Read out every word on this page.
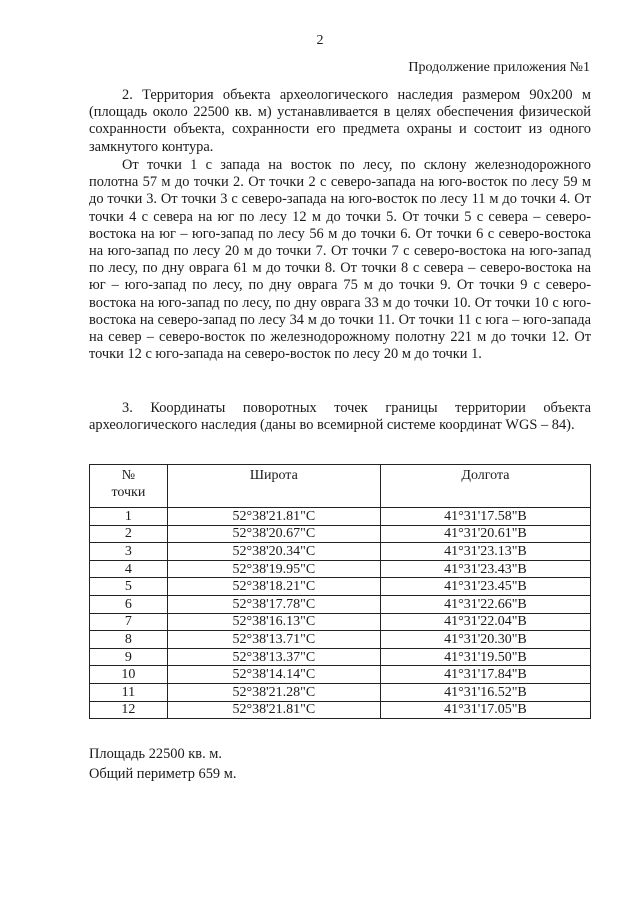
2
Продолжение приложения №1

2. Территория объекта археологического наследия размером 90х200 м (площадь около 22500 кв. м) устанавливается в целях обеспечения физической сохранности объекта, сохранности его предмета охраны и состоит из одного замкнутого контура.

От точки 1 с запада на восток по лесу, по склону железнодорожного полотна 57 м до точки 2. От точки 2 с северо-запада на юго-восток по лесу 59 м до точки 3. От точки 3 с северо-запада на юго-восток по лесу 11 м до точки 4. От точки 4 с севера на юг по лесу 12 м до точки 5. От точки 5 с севера – северо-востока на юг – юго-запад по лесу 56 м до точки 6. От точки 6 с северо-востока на юго-запад по лесу 20 м до точки 7. От точки 7 с северо-востока на юго-запад по лесу, по дну оврага 61 м до точки 8. От точки 8 с севера – северо-востока на юг – юго-запад по лесу, по дну оврага 75 м до точки 9. От точки 9 с северо-востока на юго-запад по лесу, по дну оврага 33 м до точки 10. От точки 10 с юго-востока на северо-запад по лесу 34 м до точки 11. От точки 11 с юга – юго-запада на север – северо-восток по железнодорожному полотну 221 м до точки 12. От точки 12 с юго-запада на северо-восток по лесу 20 м до точки 1.

3. Координаты поворотных точек границы территории объекта археологического наследия (даны во всемирной системе координат WGS – 84).

№ точки	Широта	Долгота
1	52°38'21.81"С	41°31'17.58"В
2	52°38'20.67"С	41°31'20.61"В
3	52°38'20.34"С	41°31'23.13"В
4	52°38'19.95"С	41°31'23.43"В
5	52°38'18.21"С	41°31'23.45"В
6	52°38'17.78"С	41°31'22.66"В
7	52°38'16.13"С	41°31'22.04"В
8	52°38'13.71"С	41°31'20.30"В
9	52°38'13.37"С	41°31'19.50"В
10	52°38'14.14"С	41°31'17.84"В
11	52°38'21.28"С	41°31'16.52"В
12	52°38'21.81"С	41°31'17.05"В
Площадь 22500 кв. м.
Общий периметр 659 м.
